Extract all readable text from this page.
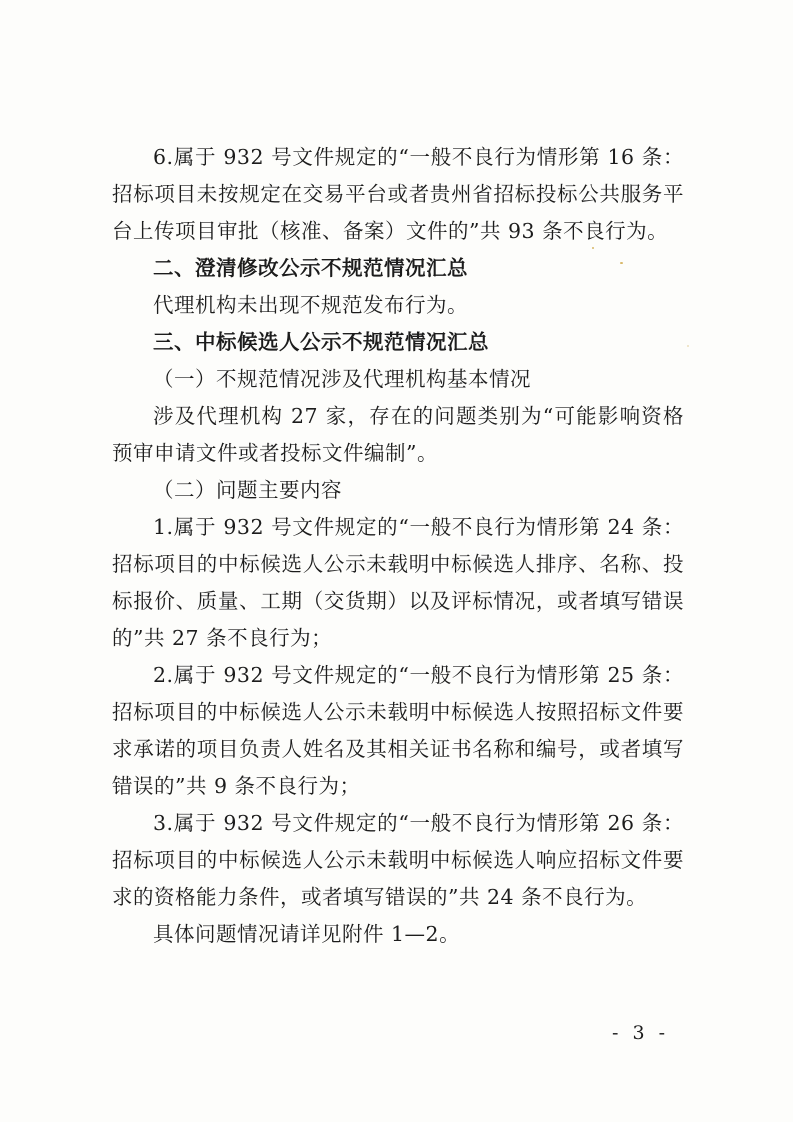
6.属于 932 号文件规定的“一般不良行为情形第 16 条：招标项目未按规定在交易平台或者贵州省招标投标公共服务平台上传项目审批（核准、备案）文件的”共 93 条不良行为。

二、澄清修改公示不规范情况汇总

代理机构未出现不规范发布行为。

三、中标候选人公示不规范情况汇总

（一）不规范情况涉及代理机构基本情况

涉及代理机构 27 家，存在的问题类别为“可能影响资格预审申请文件或者投标文件编制”。

（二）问题主要内容

1.属于 932 号文件规定的“一般不良行为情形第 24 条：招标项目的中标候选人公示未载明中标候选人排序、名称、投标报价、质量、工期（交货期）以及评标情况，或者填写错误的”共 27 条不良行为；

2.属于 932 号文件规定的“一般不良行为情形第 25 条：招标项目的中标候选人公示未载明中标候选人按照招标文件要求承诺的项目负责人姓名及其相关证书名称和编号，或者填写错误的”共 9 条不良行为；

3.属于 932 号文件规定的“一般不良行为情形第 26 条：招标项目的中标候选人公示未载明中标候选人响应招标文件要求的资格能力条件，或者填写错误的”共 24 条不良行为。

具体问题情况请详见附件 1—2。

- 3 -
